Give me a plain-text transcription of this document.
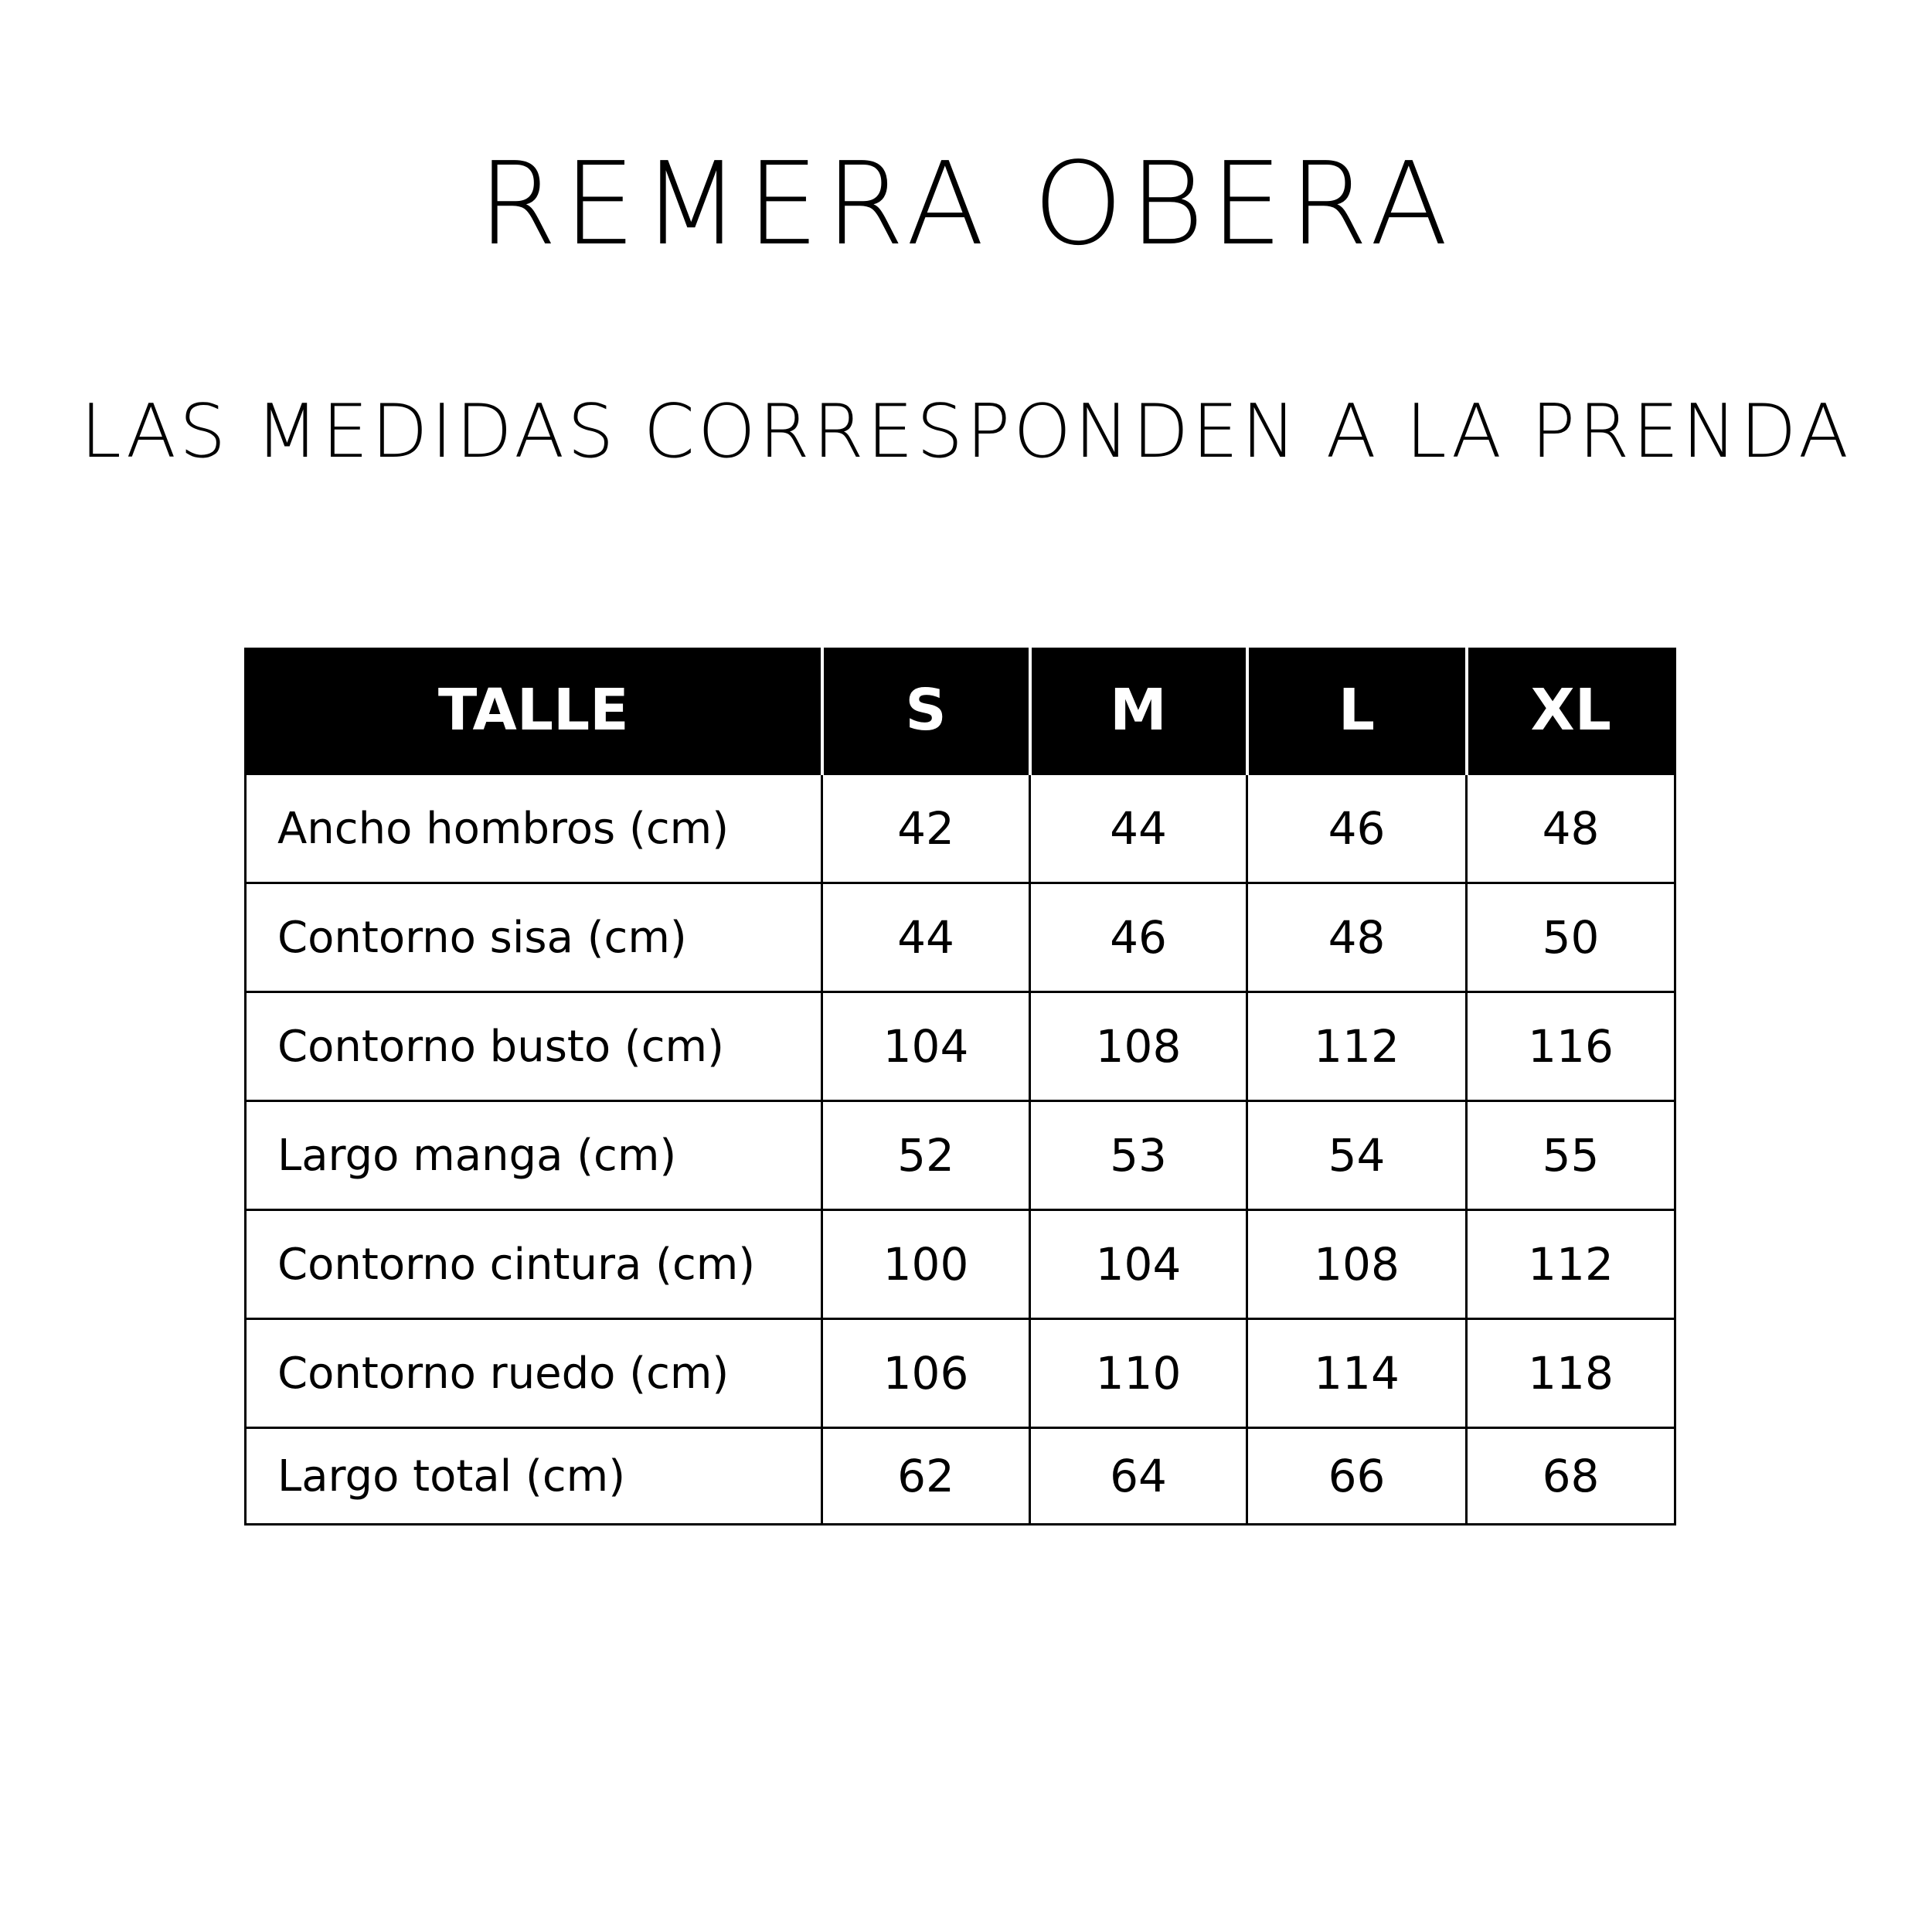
REMERA OBERA
LAS MEDIDAS CORRESPONDEN A LA PRENDA
TALLE	S	M	L	XL
Ancho hombros (cm)	42	44	46	48
Contorno sisa (cm)	44	46	48	50
Contorno busto (cm)	104	108	112	116
Largo manga (cm)	52	53	54	55
Contorno cintura (cm)	100	104	108	112
Contorno ruedo (cm)	106	110	114	118
Largo total (cm)	62	64	66	68
